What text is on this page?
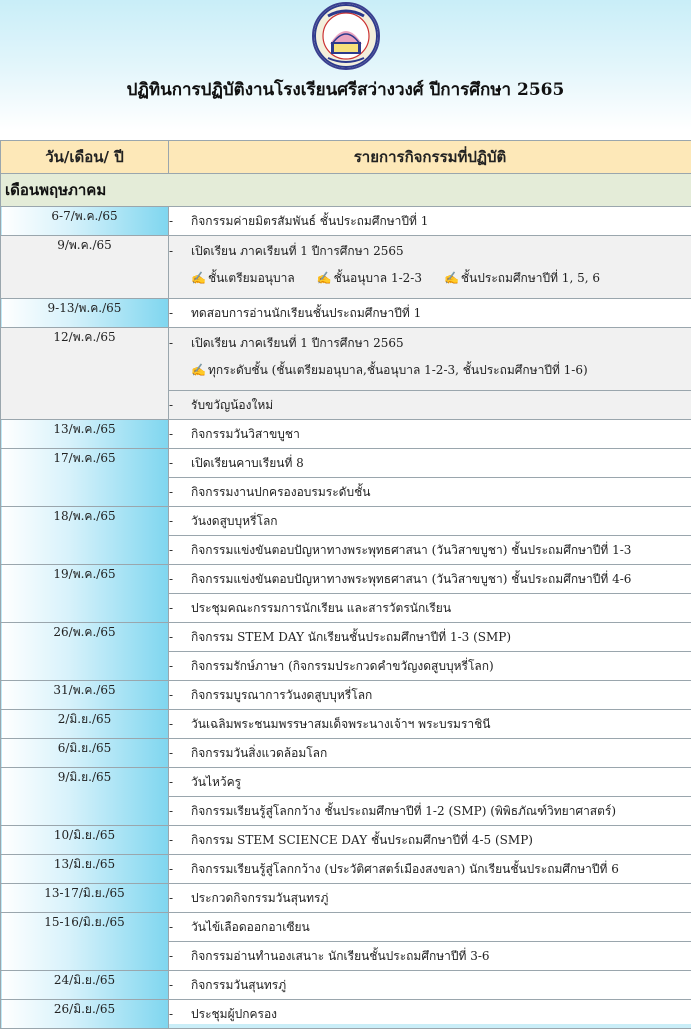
ปฏิทินการปฏิบัติงานโรงเรียนศรีสว่างวงศ์ ปีการศึกษา 2565
วัน/เดือน/ ปี	รายการกิจกรรมที่ปฏิบัติ
เดือนพฤษภาคม	
6-7/พ.ค./65	- กิจกรรมค่ายมิตรสัมพันธ์ ชั้นประถมศึกษาปีที่ 1
9/พ.ค./65	- เปิดเรียน ภาคเรียนที่ 1 ปีการศึกษา 2565
✍ ชั้นเตรียมอนุบาล ✍ ชั้นอนุบาล 1-2-3 ✍ ชั้นประถมศึกษาปีที่ 1, 5, 6

9-13/พ.ค./65	- ทดสอบการอ่านนักเรียนชั้นประถมศึกษาปีที่ 1
12/พ.ค./65	- เปิดเรียน ภาคเรียนที่ 1 ปีการศึกษา 2565
✍ ทุกระดับชั้น (ชั้นเตรียมอนุบาล,ชั้นอนุบาล 1-2-3, ชั้นประถมศึกษาปีที่ 1-6)

	- รับขวัญน้องใหม่
13/พ.ค./65	- กิจกรรมวันวิสาขบูชา
17/พ.ค./65	- เปิดเรียนคาบเรียนที่ 8
	- กิจกรรมงานปกครองอบรมระดับชั้น
18/พ.ค./65	- วันงดสูบบุหรี่โลก
	- กิจกรรมแข่งขันตอบปัญหาทางพระพุทธศาสนา (วันวิสาขบูชา) ชั้นประถมศึกษาปีที่ 1-3
19/พ.ค./65	- กิจกรรมแข่งขันตอบปัญหาทางพระพุทธศาสนา (วันวิสาขบูชา) ชั้นประถมศึกษาปีที่ 4-6
	- ประชุมคณะกรรมการนักเรียน และสารวัตรนักเรียน
26/พ.ค./65	- กิจกรรม STEM DAY นักเรียนชั้นประถมศึกษาปีที่ 1-3 (SMP)
	- กิจกรรมรักษ์ภาษา (กิจกรรมประกวดคำขวัญงดสูบบุหรี่โลก)
31/พ.ค./65	- กิจกรรมบูรณาการวันงดสูบบุหรี่โลก
2/มิ.ย./65	- วันเฉลิมพระชนมพรรษาสมเด็จพระนางเจ้าฯ พระบรมราชินี
6/มิ.ย./65	- กิจกรรมวันสิ่งแวดล้อมโลก
9/มิ.ย./65	- วันไหว้ครู
	- กิจกรรมเรียนรู้สู่โลกกว้าง ชั้นประถมศึกษาปีที่ 1-2 (SMP) (พิพิธภัณฑ์วิทยาศาสตร์)
10/มิ.ย./65	- กิจกรรม STEM SCIENCE DAY ชั้นประถมศึกษาปีที่ 4-5 (SMP)
13/มิ.ย./65	- กิจกรรมเรียนรู้สู่โลกกว้าง (ประวัติศาสตร์เมืองสงขลา) นักเรียนชั้นประถมศึกษาปีที่ 6
13-17/มิ.ย./65	- ประกวดกิจกรรมวันสุนทรภู่
15-16/มิ.ย./65	- วันไข้เลือดออกอาเซียน
	- กิจกรรมอ่านทำนองเสนาะ นักเรียนชั้นประถมศึกษาปีที่ 3-6
24/มิ.ย./65	- กิจกรรมวันสุนทรภู่
26/มิ.ย./65	- ประชุมผู้ปกครอง
